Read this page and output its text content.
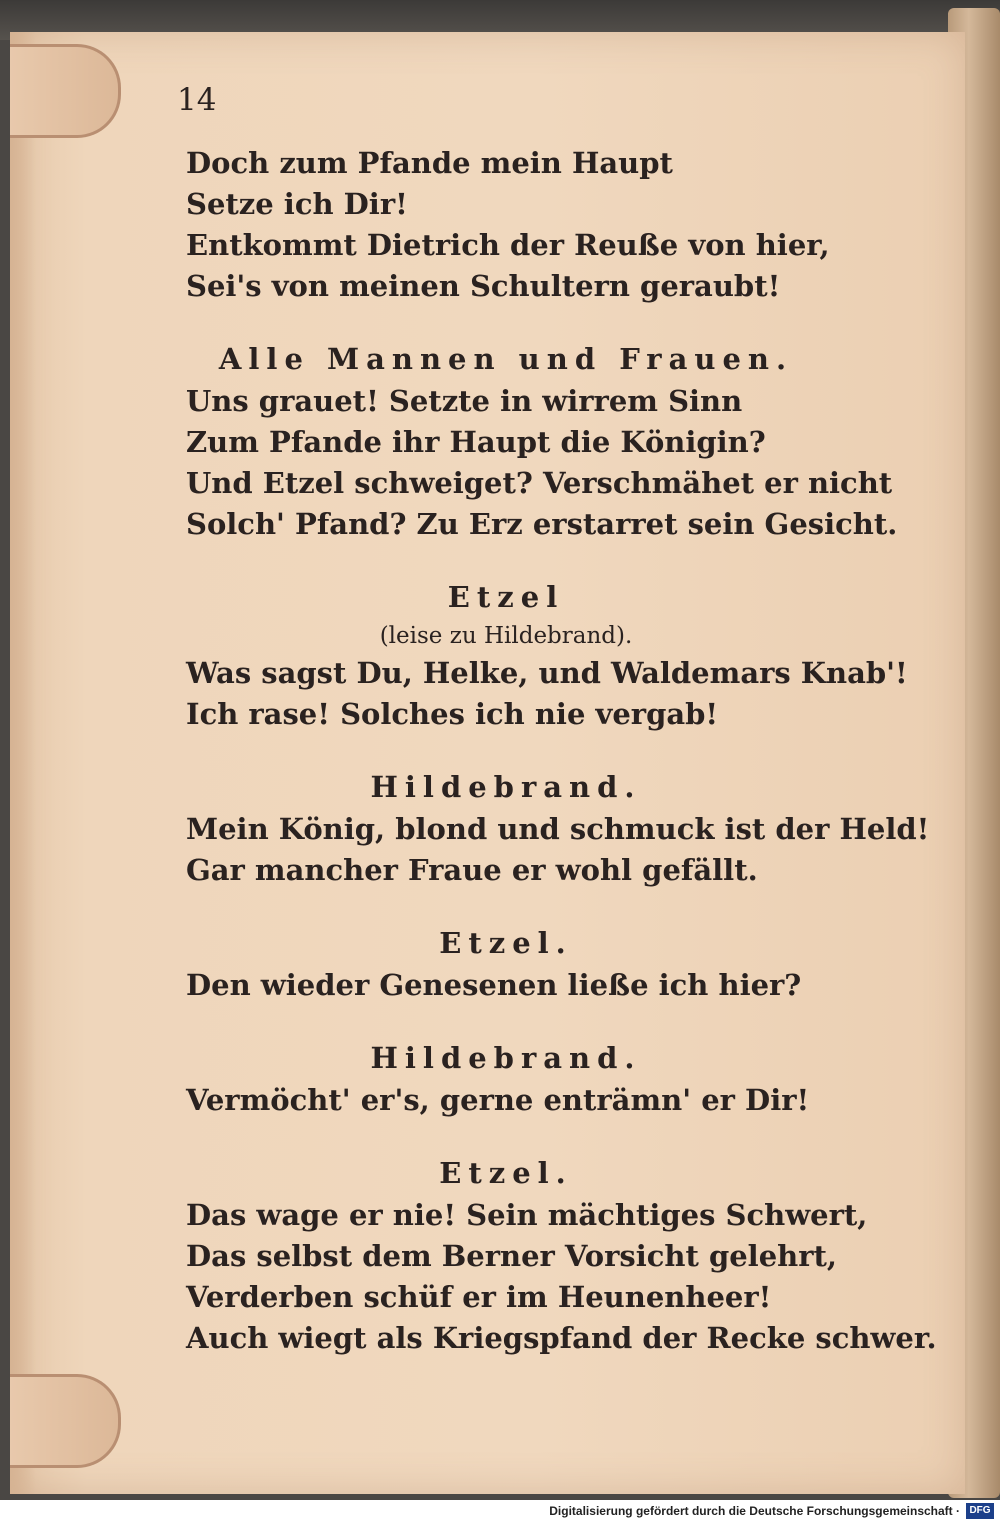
14
Doch zum Pfande mein Haupt
Setze ich Dir!
Entkommt Dietrich der Reuße von hier,
Sei's von meinen Schultern geraubt!
Alle Mannen und Frauen.
Uns grauet! Setzte in wirrem Sinn
Zum Pfande ihr Haupt die Königin?
Und Etzel schweiget? Verschmähet er nicht
Solch' Pfand? Zu Erz erstarret sein Gesicht.
Etzel
(leise zu Hildebrand).
Was sagst Du, Helke, und Waldemars Knab'!
Ich rase! Solches ich nie vergab!
Hildebrand.
Mein König, blond und schmuck ist der Held!
Gar mancher Fraue er wohl gefällt.
Etzel.
Den wieder Genesenen ließe ich hier?
Hildebrand.
Vermöcht' er's, gerne enträmn' er Dir!
Etzel.
Das wage er nie! Sein mächtiges Schwert,
Das selbst dem Berner Vorsicht gelehrt,
Verderben schüf er im Heunenheer!
Auch wiegt als Kriegspfand der Recke schwer.
Digitalisierung gefördert durch die Deutsche Forschungsgemeinschaft · DFG
